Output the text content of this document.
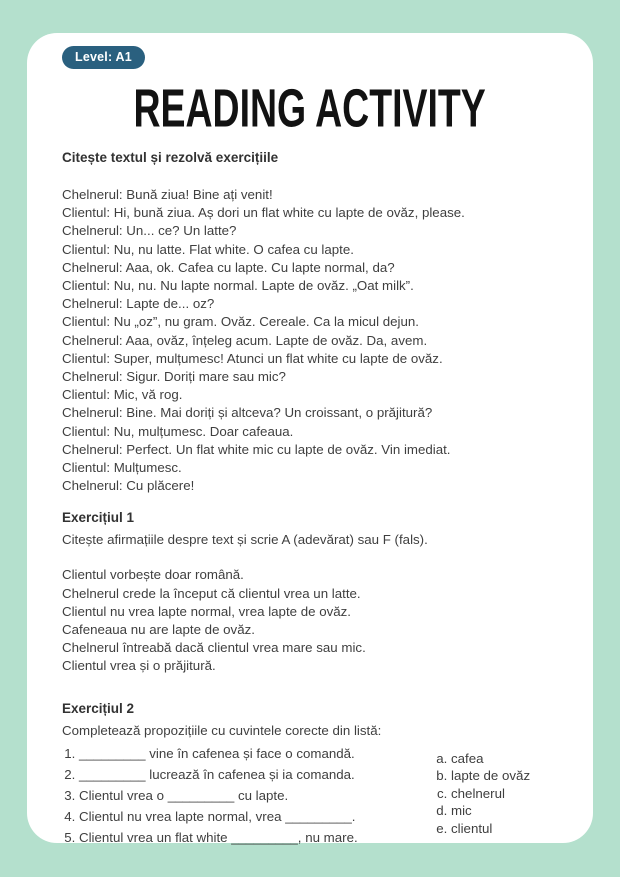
Level: A1
READING ACTIVITY

Citește textul și rezolvă exercițiile

Chelnerul: Bună ziua! Bine ați venit!

Clientul: Hi, bună ziua. Aș dori un flat white cu lapte de ovăz, please.

Chelnerul: Un... ce? Un latte?

Clientul: Nu, nu latte. Flat white. O cafea cu lapte.

Chelnerul: Aaa, ok. Cafea cu lapte. Cu lapte normal, da?

Clientul: Nu, nu. Nu lapte normal. Lapte de ovăz. „Oat milk”.

Chelnerul: Lapte de... oz?

Clientul: Nu „oz”, nu gram. Ovăz. Cereale. Ca la micul dejun.

Chelnerul: Aaa, ovăz, înțeleg acum. Lapte de ovăz. Da, avem.

Clientul: Super, mulțumesc! Atunci un flat white cu lapte de ovăz.

Chelnerul: Sigur. Doriți mare sau mic?

Clientul: Mic, vă rog.

Chelnerul: Bine. Mai doriți și altceva? Un croissant, o prăjitură?

Clientul: Nu, mulțumesc. Doar cafeaua.

Chelnerul: Perfect. Un flat white mic cu lapte de ovăz. Vin imediat.

Clientul: Mulțumesc.

Chelnerul: Cu plăcere!

Exercițiul 1

Citește afirmațiile despre text și scrie A (adevărat) sau F (fals).

Clientul vorbește doar română.

Chelnerul crede la început că clientul vrea un latte.

Clientul nu vrea lapte normal, vrea lapte de ovăz.

Cafeneaua nu are lapte de ovăz.

Chelnerul întreabă dacă clientul vrea mare sau mic.

Clientul vrea și o prăjitură.

Exercițiul 2

Completează propozițiile cu cuvintele corecte din listă:

1. _________ vine în cafenea și face o comandă.
2. _________ lucrează în cafenea și ia comanda.
3. Clientul vrea o _________ cu lapte.
4. Clientul nu vrea lapte normal, vrea _________.
5. Clientul vrea un flat white _________, nu mare.
a. cafea
b. lapte de ovăz
c. chelnerul
d. mic
e. clientul
